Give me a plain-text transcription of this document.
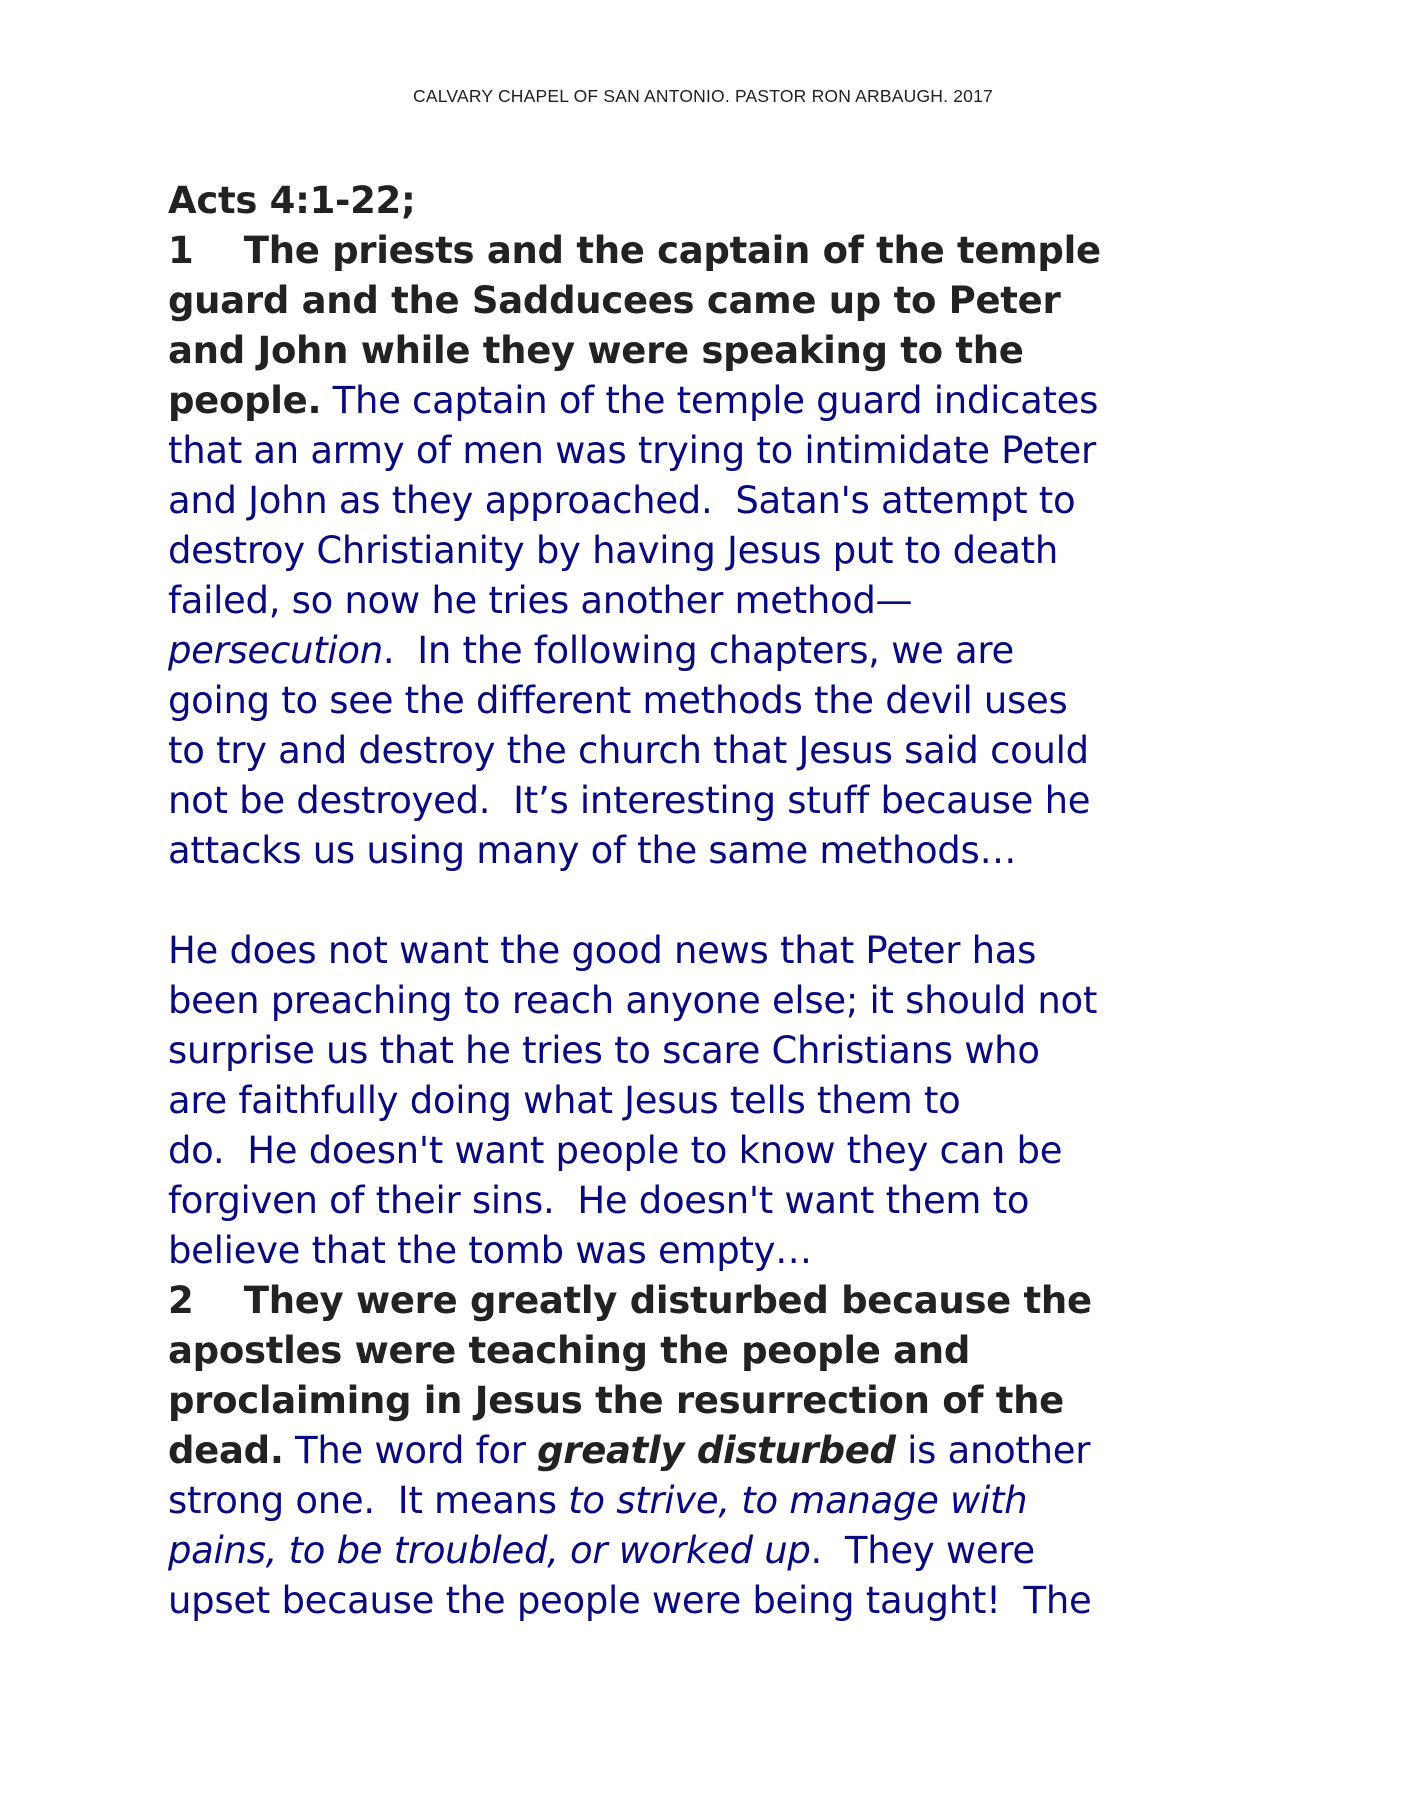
CALVARY CHAPEL OF SAN ANTONIO. PASTOR RON ARBAUGH. 2017
Acts 4:1-22;
1    The priests and the captain of the temple
guard and the Sadducees came up to Peter
and John while they were speaking to the
people. The captain of the temple guard indicates
that an army of men was trying to intimidate Peter
and John as they approached.  Satan's attempt to
destroy Christianity by having Jesus put to death
failed, so now he tries another method—
persecution.  In the following chapters, we are
going to see the different methods the devil uses
to try and destroy the church that Jesus said could
not be destroyed.  It’s interesting stuff because he
attacks us using many of the same methods…
He does not want the good news that Peter has
been preaching to reach anyone else; it should not
surprise us that he tries to scare Christians who
are faithfully doing what Jesus tells them to
do.  He doesn't want people to know they can be
forgiven of their sins.  He doesn't want them to
believe that the tomb was empty…
2    They were greatly disturbed because the
apostles were teaching the people and
proclaiming in Jesus the resurrection of the
dead. The word for greatly disturbed is another
strong one.  It means to strive, to manage with
pains, to be troubled, or worked up.  They were
upset because the people were being taught!  The
